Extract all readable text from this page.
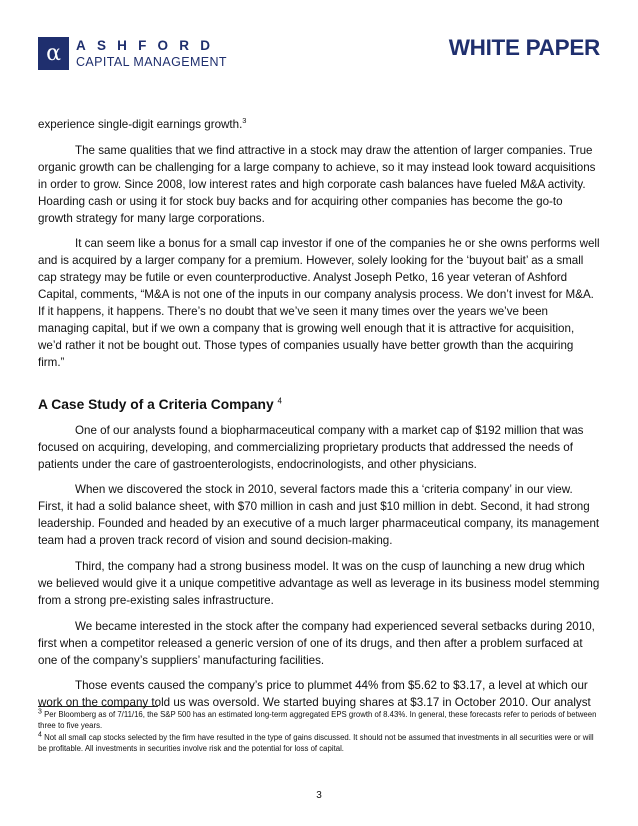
α	ASHFORD
CAPITAL MANAGEMENT
WHITE PAPER

experience single-digit earnings growth.$^3$

The same qualities that we find attractive in a stock may draw the attention of larger companies. True organic growth can be challenging for a large company to achieve, so it may instead look toward acquisitions in order to grow. Since 2008, low interest rates and high corporate cash balances have fueled M&A activity. Hoarding cash or using it for stock buy backs and for acquiring other companies has become the go-to growth strategy for many large corporations.

It can seem like a bonus for a small cap investor if one of the companies he or she owns performs well and is acquired by a larger company for a premium. However, solely looking for the ‘buyout bait’ as a small cap strategy may be futile or even counterproductive. Analyst Joseph Petko, 16 year veteran of Ashford Capital, comments, “M&A is not one of the inputs in our company analysis process. We don’t invest for M&A. If it happens, it happens. There’s no doubt that we’ve seen it many times over the years we’ve been managing capital, but if we own a company that is growing well enough that it is attractive for acquisition, we’d rather it not be bought out. Those types of companies usually have better growth than the acquiring firm.”

A Case Study of a Criteria Company $^4$

One of our analysts found a biopharmaceutical company with a market cap of $192 million that was focused on acquiring, developing, and commercializing proprietary products that addressed the needs of patients under the care of gastroenterologists, endocrinologists, and other physicians.

When we discovered the stock in 2010, several factors made this a ‘criteria company’ in our view. First, it had a solid balance sheet, with $70 million in cash and just $10 million in debt. Second, it had strong leadership. Founded and headed by an executive of a much larger pharmaceutical company, its management team had a proven track record of vision and sound decision-making.

Third, the company had a strong business model. It was on the cusp of launching a new drug which we believed would give it a unique competitive advantage as well as leverage in its business model stemming from a strong pre-existing sales infrastructure.

We became interested in the stock after the company had experienced several setbacks during 2010, first when a competitor released a generic version of one of its drugs, and then after a problem surfaced at one of the company’s suppliers’ manufacturing facilities.

Those events caused the company’s price to plummet 44% from $5.62 to $3.17, a level at which our work on the company told us was oversold. We started buying shares at $3.17 in October 2010. Our analyst

$^3$ Per Bloomberg as of 7/11/16, the S&P 500 has an estimated long-term aggregated EPS growth of 8.43%. In general, these forecasts refer to periods of between three to five years.

$^4$ Not all small cap stocks selected by the firm have resulted in the type of gains discussed. It should not be assumed that investments in all securities were or will be profitable. All investments in securities involve risk and the potential for loss of capital.

3
